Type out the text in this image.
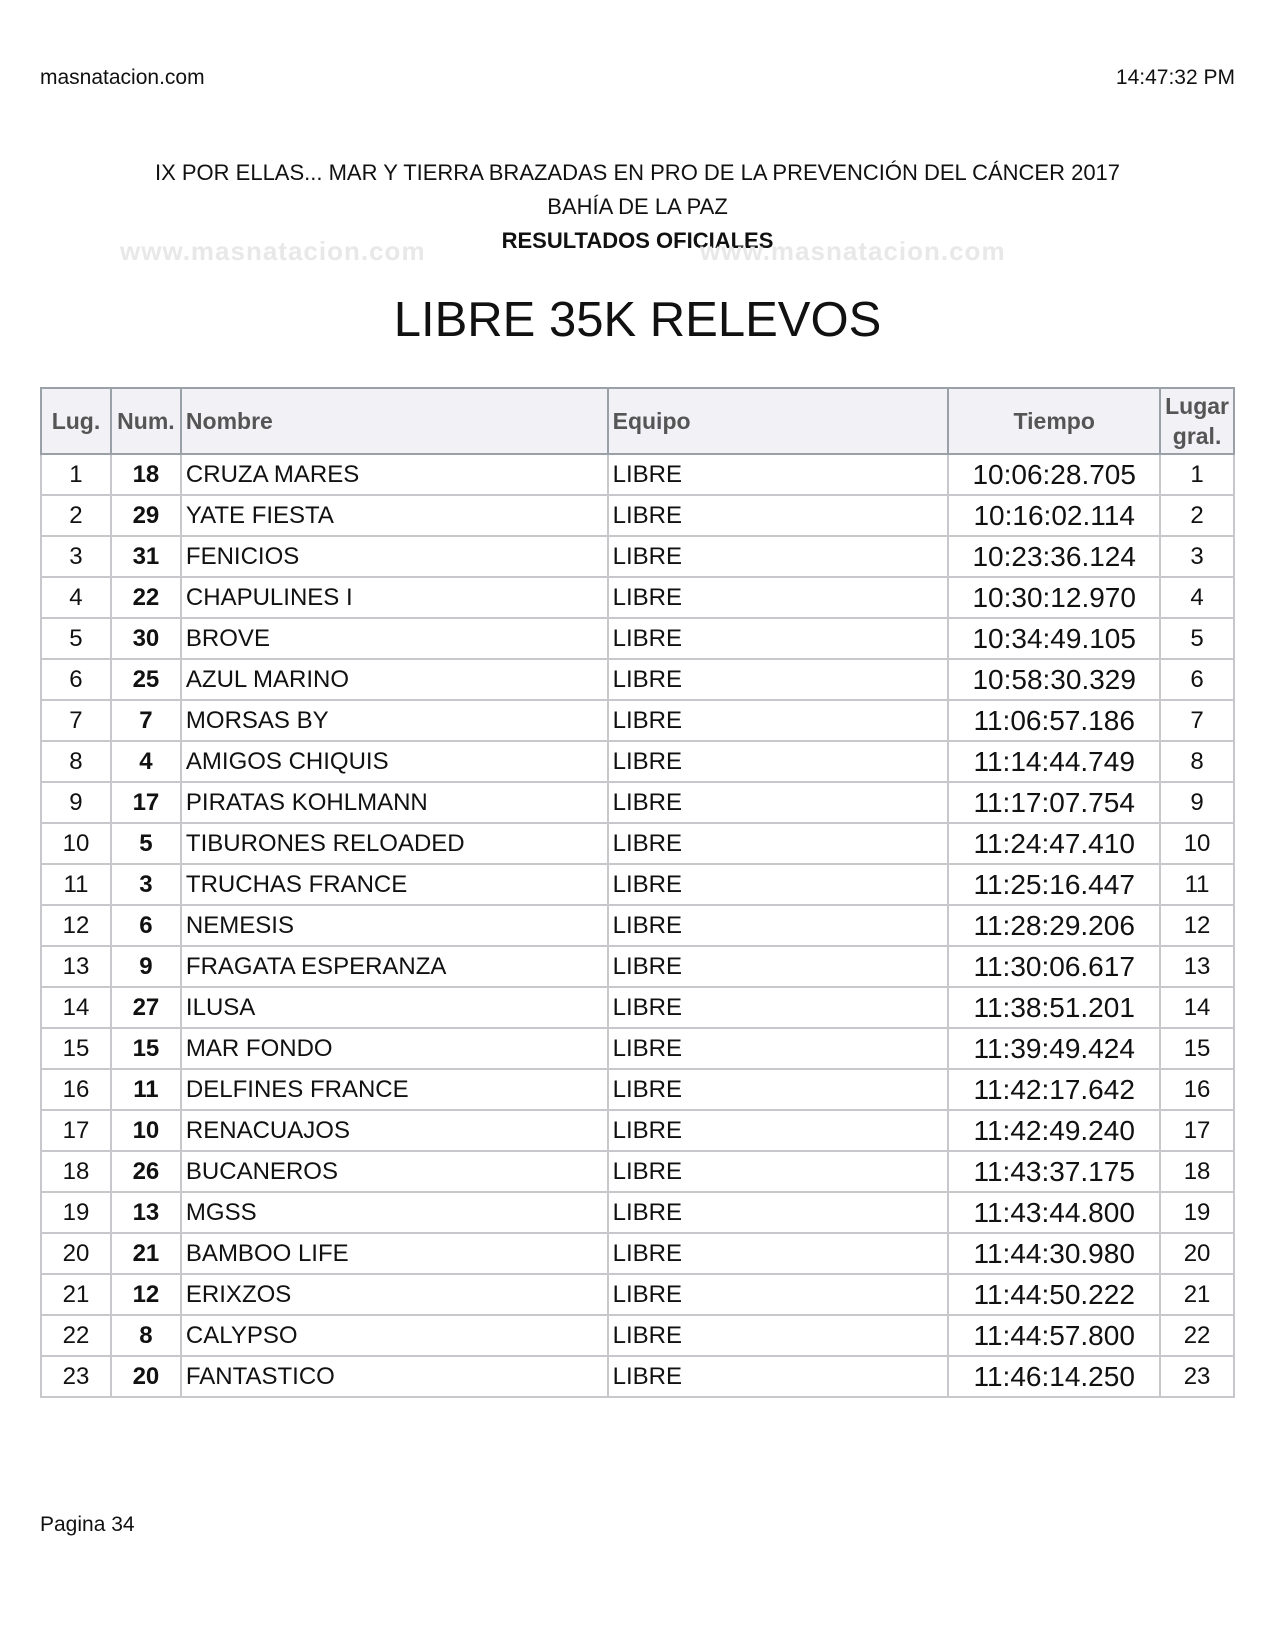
masnatacion.com	14:47:32 PM
IX POR ELLAS... MAR Y TIERRA BRAZADAS EN PRO DE LA PREVENCIÓN DEL CÁNCER 2017
BAHÍA DE LA PAZ
RESULTADOS OFICIALES
www.masnatacion.com	www.masnatacion.com
LIBRE 35K RELEVOS
Lug.	Num.	Nombre	Equipo	Tiempo	Lugar gral.
1	18	CRUZA MARES	LIBRE	10:06:28.705	1
2	29	YATE FIESTA	LIBRE	10:16:02.114	2
3	31	FENICIOS	LIBRE	10:23:36.124	3
4	22	CHAPULINES I	LIBRE	10:30:12.970	4
5	30	BROVE	LIBRE	10:34:49.105	5
6	25	AZUL MARINO	LIBRE	10:58:30.329	6
7	7	MORSAS BY	LIBRE	11:06:57.186	7
8	4	AMIGOS CHIQUIS	LIBRE	11:14:44.749	8
9	17	PIRATAS KOHLMANN	LIBRE	11:17:07.754	9
10	5	TIBURONES RELOADED	LIBRE	11:24:47.410	10
11	3	TRUCHAS FRANCE	LIBRE	11:25:16.447	11
12	6	NEMESIS	LIBRE	11:28:29.206	12
13	9	FRAGATA ESPERANZA	LIBRE	11:30:06.617	13
14	27	ILUSA	LIBRE	11:38:51.201	14
15	15	MAR FONDO	LIBRE	11:39:49.424	15
16	11	DELFINES FRANCE	LIBRE	11:42:17.642	16
17	10	RENACUAJOS	LIBRE	11:42:49.240	17
18	26	BUCANEROS	LIBRE	11:43:37.175	18
19	13	MGSS	LIBRE	11:43:44.800	19
20	21	BAMBOO LIFE	LIBRE	11:44:30.980	20
21	12	ERIXZOS	LIBRE	11:44:50.222	21
22	8	CALYPSO	LIBRE	11:44:57.800	22
23	20	FANTASTICO	LIBRE	11:46:14.250	23
Pagina 34
